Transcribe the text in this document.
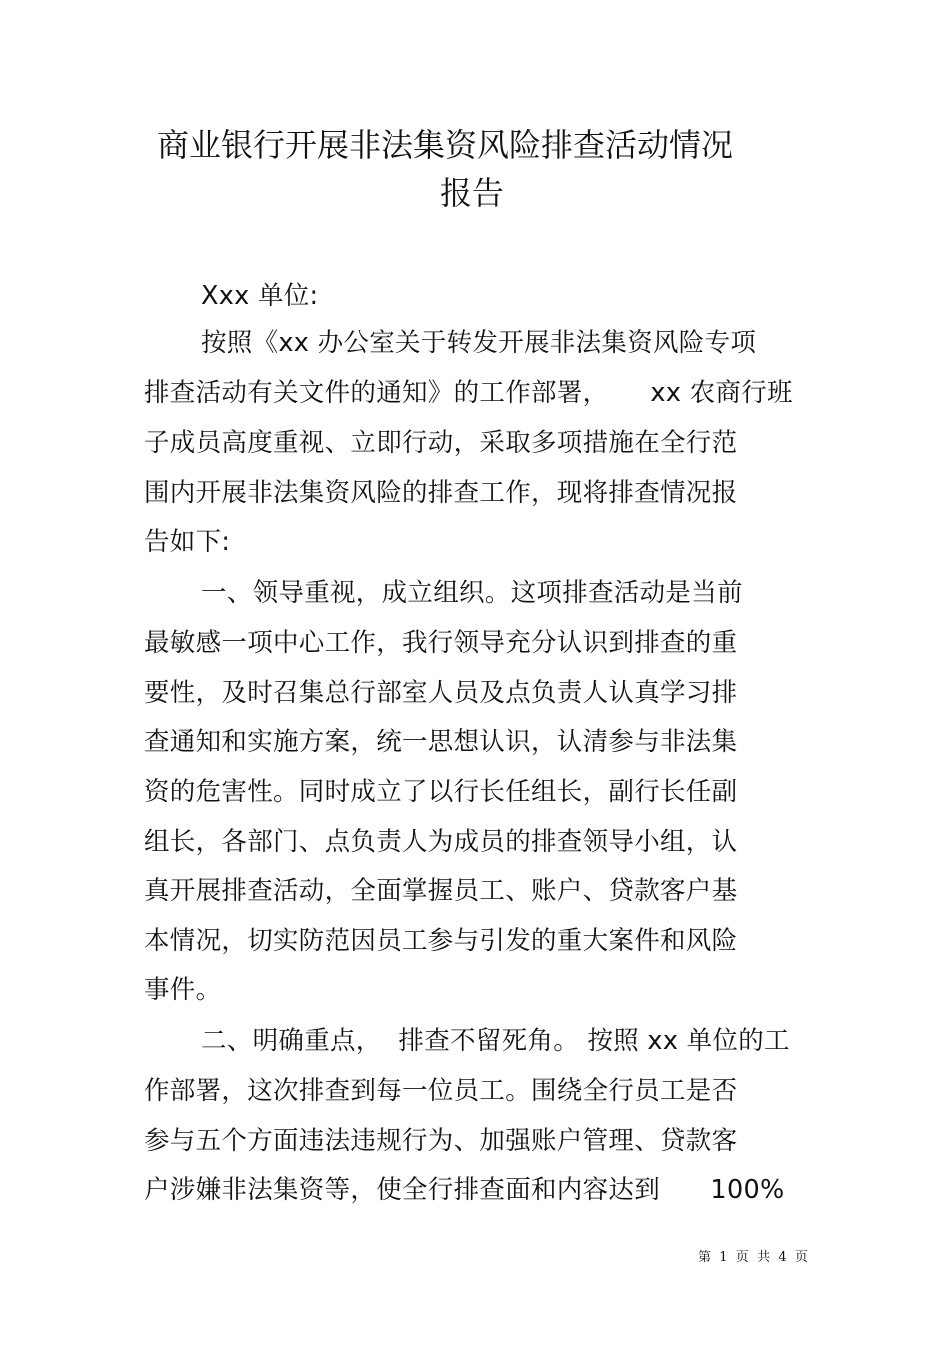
商业银行开展非法集资风险排查活动情况
报告
Xxx 单位:
按照《xx 办公室关于转发开展非法集资风险专项
排查活动有关文件的通知》的工作部署，     xx 农商行班
子成员高度重视、立即行动，采取多项措施在全行范
围内开展非法集资风险的排查工作，现将排查情况报
告如下:
一、领导重视，成立组织。这项排查活动是当前
最敏感一项中心工作，我行领导充分认识到排查的重
要性，及时召集总行部室人员及点负责人认真学习排
查通知和实施方案，统一思想认识，认清参与非法集
资的危害性。同时成立了以行长任组长，副行长任副
组长，各部门、点负责人为成员的排查领导小组，认
真开展排查活动，全面掌握员工、账户、贷款客户基
本情况，切实防范因员工参与引发的重大案件和风险
事件。
二、明确重点，  排查不留死角。 按照 xx 单位的工
作部署，这次排查到每一位员工。围绕全行员工是否
参与五个方面违法违规行为、加强账户管理、贷款客
户涉嫌非法集资等，使全行排查面和内容达到      100%
第  1  页  共  4  页
